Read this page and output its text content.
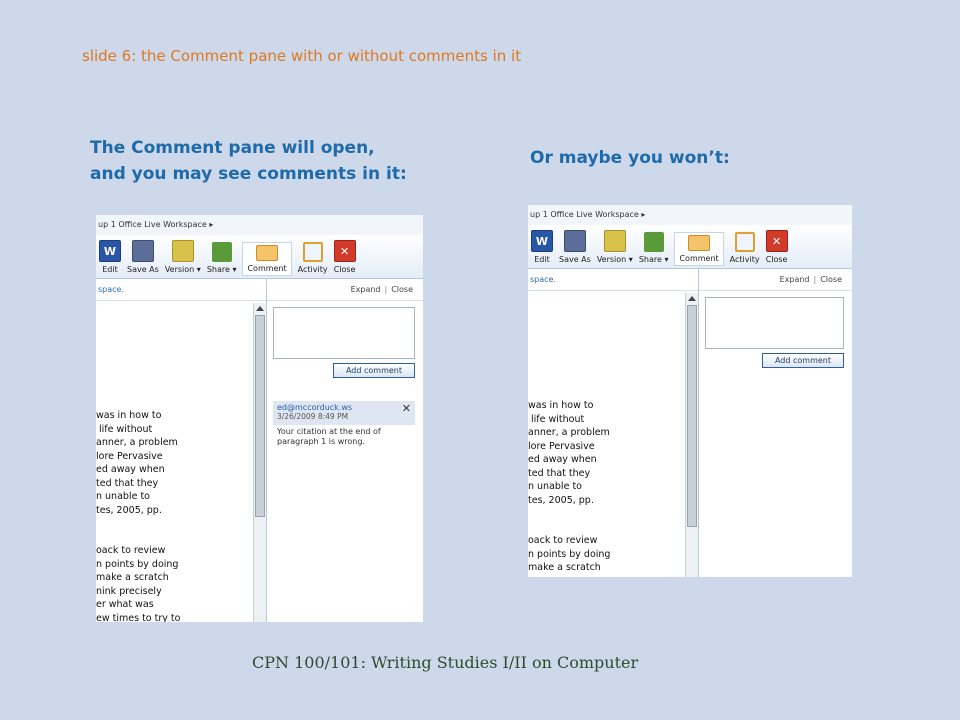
slide 6: the Comment pane with or without comments in it
The Comment pane will open,
and you may see comments in it:
Or maybe you won’t:
up 1 Office Live Workspace ▸
W
Edit Save As Version ▾ Share ▾ Comment Activity
✕
Close
space.
was in how to
life without
anner, a problem
lore Pervasive
ed away when
ted that they
n unable to
tes, 2005, pp.

oack to review
n points by doing
make a scratch
nink precisely
er what was
ew times to try to
Expand | Close
Add comment
ed@mccorduck.ws
3/26/2009 8:49 PM
✕
Your citation at the end of paragraph 1 is wrong.
up 1 Office Live Workspace ▸
W
Edit Save As Version ▾ Share ▾ Comment Activity
✕
Close
space.
was in how to
life without
anner, a problem
lore Pervasive
ed away when
ted that they
n unable to
tes, 2005, pp.

oack to review
n points by doing
make a scratch
Expand | Close
Add comment
CPN 100/101: Writing Studies I/II on Computer
